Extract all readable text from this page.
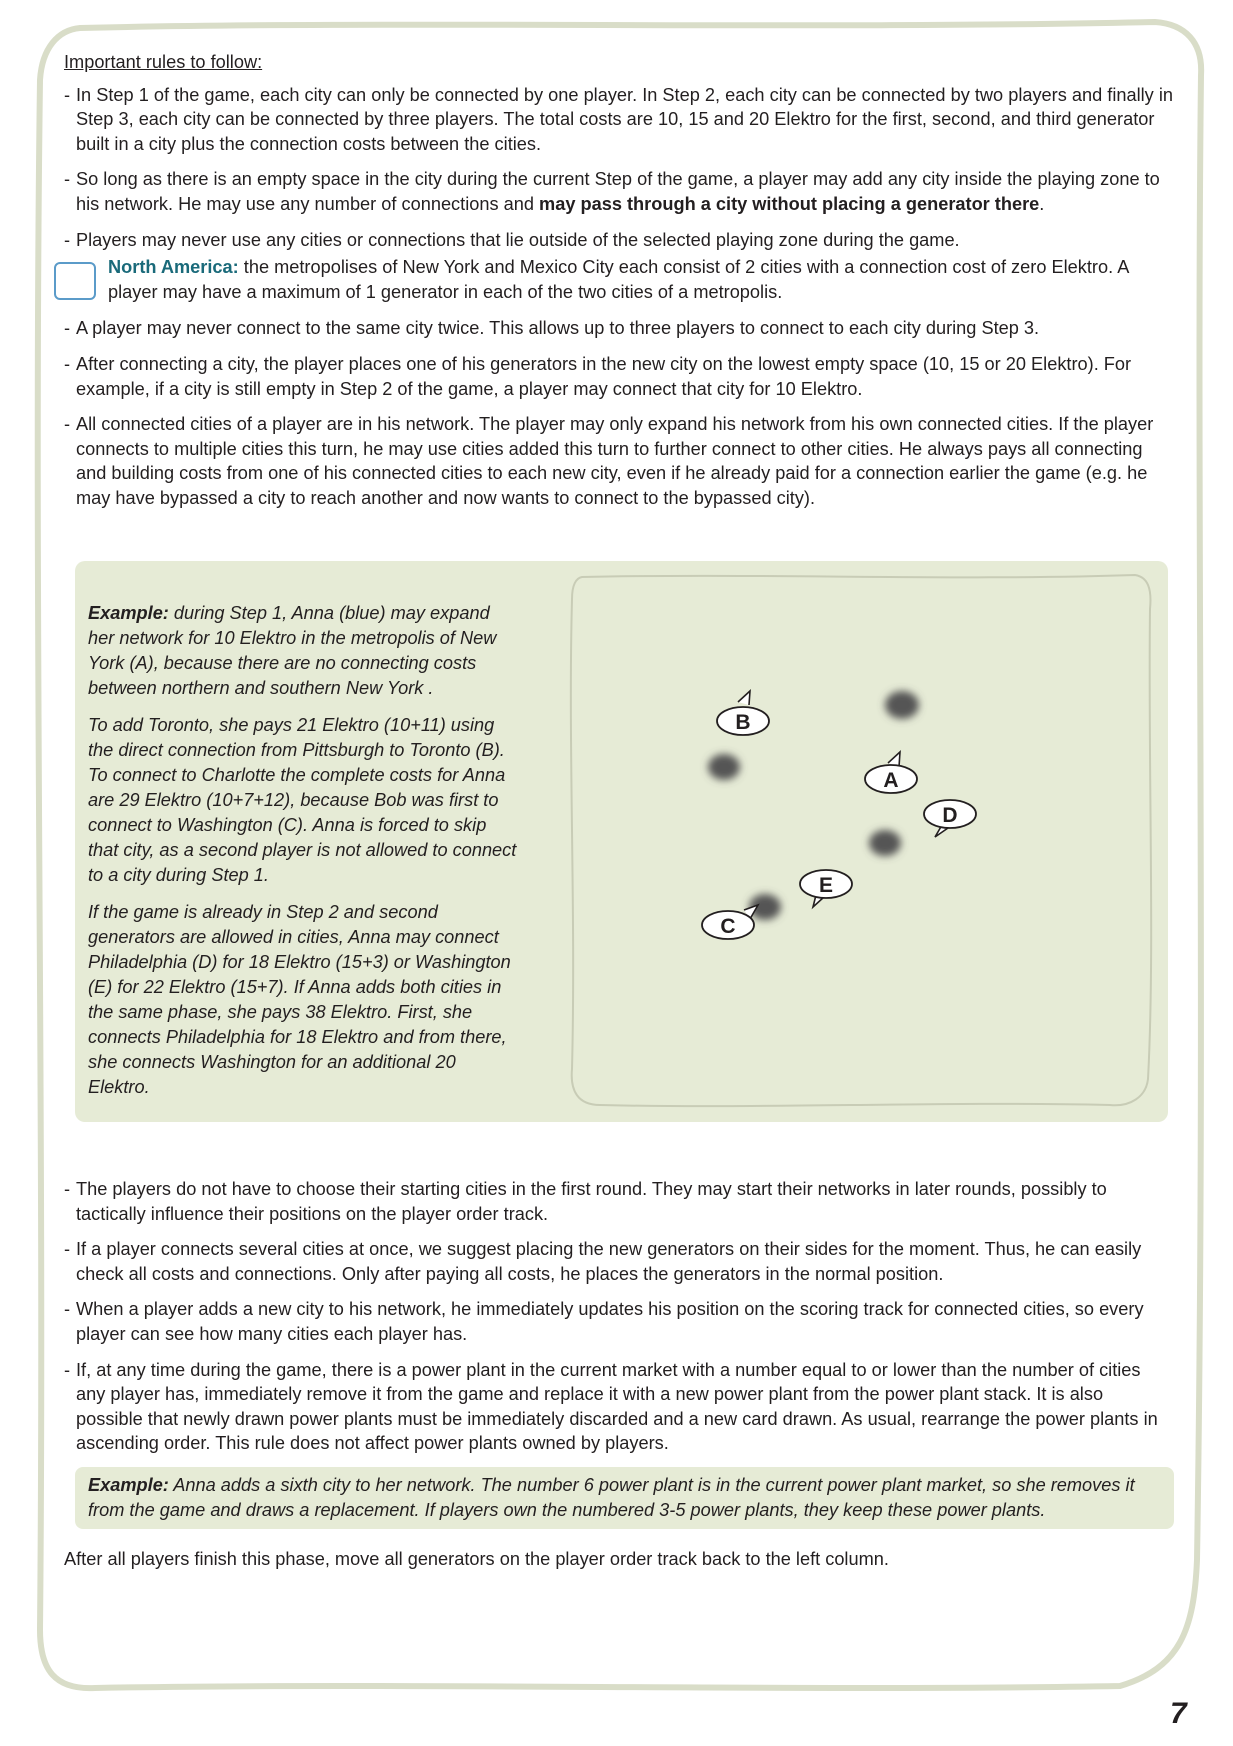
Important rules to follow:

- In Step 1 of the game, each city can only be connected by one player. In Step 2, each city can be connected by two players and finally in Step 3, each city can be connected by three players. The total costs are 10, 15 and 20 Elektro for the first, second, and third generator built in a city plus the connection costs between the cities.
- So long as there is an empty space in the city during the current Step of the game, a player may add any city inside the playing zone to his network. He may use any number of connections and may pass through a city without placing a generator there.
- Players may never use any cities or connections that lie outside of the selected playing zone during the game.
North America: the metropolises of New York and Mexico City each consist of 2 cities with a connection cost of zero Elektro. A player may have a maximum of 1 generator in each of the two cities of a metropolis.
- A player may never connect to the same city twice. This allows up to three players to connect to each city during Step 3.
- After connecting a city, the player places one of his generators in the new city on the lowest empty space (10, 15 or 20 Elektro). For example, if a city is still empty in Step 2 of the game, a player may connect that city for 10 Elektro.
- All connected cities of a player are in his network. The player may only expand his network from his own connected cities. If the player connects to multiple cities this turn, he may use cities added this turn to further connect to other cities. He always pays all connecting and building costs from one of his connected cities to each new city, even if he already paid for a connection earlier the game (e.g. he may have bypassed a city to reach another and now wants to connect to the bypassed city).

Example: during Step 1, Anna (blue) may expand her network for 10 Elektro in the metropolis of New York (A), because there are no connecting costs between northern and southern New York .

To add Toronto, she pays 21 Elektro (10+11) using the direct connection from Pittsburgh to Toronto (B). To connect to Charlotte the complete costs for Anna are 29 Elektro (10+7+12), because Bob was first to connect to Washington (C). Anna is forced to skip that city, as a second player is not allowed to connect to a city during Step 1.

If the game is already in Step 2 and second generators are allowed in cities, Anna may connect Philadelphia (D) for 18 Elektro (15+3) or Washington (E) for 22 Elektro (15+7). If Anna adds both cities in the same phase, she pays 38 Elektro. First, she connects Philadelphia for 18 Elektro and from there, she connects Washington for an additional 20 Elektro.

B
A
D
E
C
- The players do not have to choose their starting cities in the first round. They may start their networks in later rounds, possibly to tactically influence their positions on the player order track.
- If a player connects several cities at once, we suggest placing the new generators on their sides for the moment. Thus, he can easily check all costs and connections. Only after paying all costs, he places the generators in the normal position.
- When a player adds a new city to his network, he immediately updates his position on the scoring track for connected cities, so every player can see how many cities each player has.
- If, at any time during the game, there is a power plant in the current market with a number equal to or lower than the number of cities any player has, immediately remove it from the game and replace it with a new power plant from the power plant stack. It is also possible that newly drawn power plants must be immediately discarded and a new card drawn. As usual, rearrange the power plants in ascending order. This rule does not affect power plants owned by players.
Example: Anna adds a sixth city to her network. The number 6 power plant is in the current power plant market, so she removes it from the game and draws a replacement. If players own the numbered 3-5 power plants, they keep these power plants.

After all players finish this phase, move all generators on the player order track back to the left column.

7
